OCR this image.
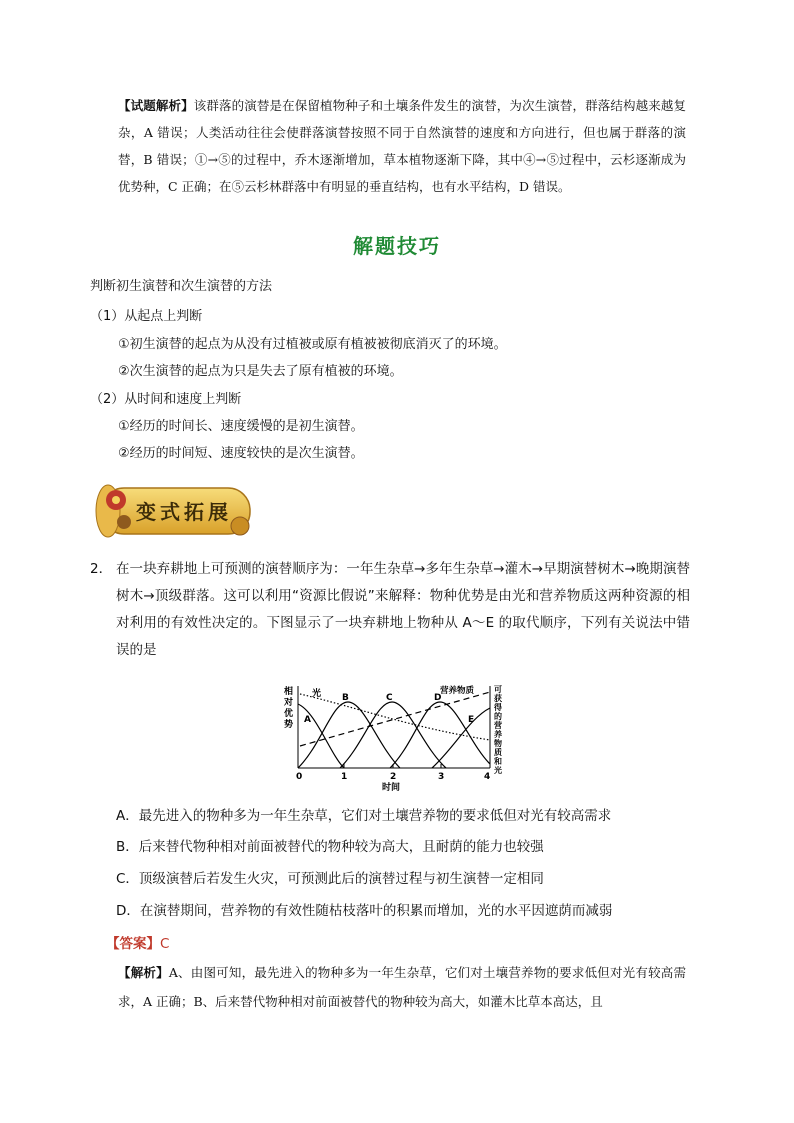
【试题解析】该群落的演替是在保留植物种子和土壤条件发生的演替，为次生演替，群落结构越来越复杂，A 错误；人类活动往往会使群落演替按照不同于自然演替的速度和方向进行，但也属于群落的演替，B 错误；①→⑤的过程中，乔木逐渐增加，草本植物逐渐下降，其中④→⑤过程中，云杉逐渐成为优势种，C 正确；在⑤云杉林群落中有明显的垂直结构，也有水平结构，D 错误。
解题技巧
判断初生演替和次生演替的方法
（1）从起点上判断
①初生演替的起点为从没有过植被或原有植被被彻底消灭了的环境。
②次生演替的起点为只是失去了原有植被的环境。
（2）从时间和速度上判断
①经历的时间长、速度缓慢的是初生演替。
②经历的时间短、速度较快的是次生演替。
变式拓展
2． 在一块弃耕地上可预测的演替顺序为：一年生杂草→多年生杂草→灌木→早期演替树木→晚期演替树木→顶级群落。这可以利用“资源比假说”来解释：物种优势是由光和营养物质这两种资源的相对利用的有效性决定的。下图显示了一块弃耕地上物种从 A～E 的取代顺序，下列有关说法中错误的是
相
对
优
势
光
A
B	C	D
E
营养物质 可
获
得
的
营
养
物
质
和
光
0	1	2	3	4
时间
A．最先进入的物种多为一年生杂草，它们对土壤营养物的要求低但对光有较高需求
B．后来替代物种相对前面被替代的物种较为高大，且耐荫的能力也较强
C．顶级演替后若发生火灾，可预测此后的演替过程与初生演替一定相同
D．在演替期间，营养物的有效性随枯枝落叶的积累而增加，光的水平因遮荫而减弱
【答案】C
【解析】A、由图可知，最先进入的物种多为一年生杂草，它们对土壤营养物的要求低但对光有较高需求，A 正确；B、后来替代物种相对前面被替代的物种较为高大，如灌木比草本高达，且
